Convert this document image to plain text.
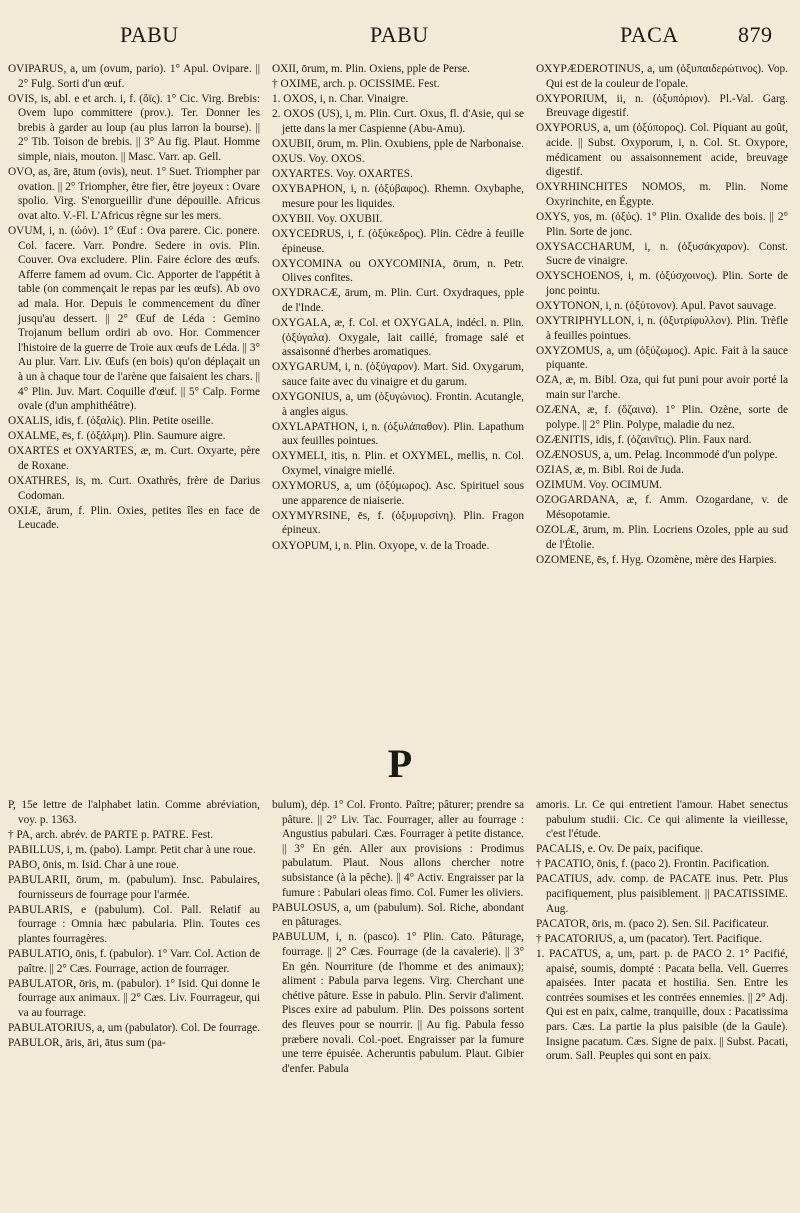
PABU	PABU	PACA	879

OVIPARUS, a, um (ovum, pario). 1° Apul. Ovipare. || 2° Fulg. Sorti d'un œuf.

OVIS, is, abl. e et arch. i, f. (ὄϊς). 1° Cic. Virg. Brebis: Ovem lupo committere (prov.). Ter. Donner les brebis à garder au loup (au plus larron la bourse). || 2° Tib. Toison de brebis. || 3° Au fig. Plaut. Homme simple, niais, mouton. || Masc. Varr. ap. Gell.

OVO, as, āre, ātum (ovis), neut. 1° Suet. Triompher par ovation. || 2° Triompher, être fier, être joyeux : Ovare spolio. Virg. S'enorgueillir d'une dépouille. Africus ovat alto. V.-Fl. L'Africus règne sur les mers.

OVUM, i, n. (ὠόν). 1° Œuf : Ova parere. Cic. ponere. Col. facere. Varr. Pondre. Sedere in ovis. Plin. Couver. Ova excludere. Plin. Faire éclore des œufs. Afferre famem ad ovum. Cic. Apporter de l'appétit à table (on commençait le repas par les œufs). Ab ovo ad mala. Hor. Depuis le commencement du dîner jusqu'au dessert. || 2° Œuf de Léda : Gemino Trojanum bellum ordiri ab ovo. Hor. Commencer l'histoire de la guerre de Troie aux œufs de Léda. || 3° Au plur. Varr. Liv. Œufs (en bois) qu'on déplaçait un à un à chaque tour de l'arène que faisaient les chars. || 4° Plin. Juv. Mart. Coquille d'œuf. || 5° Calp. Forme ovale (d'un amphithéâtre).

OXALIS, idis, f. (ὀξαλίς). Plin. Petite oseille.

OXALME, ēs, f. (ὀξάλμη). Plin. Saumure aigre.

OXARTES et OXYARTES, æ, m. Curt. Oxyarte, père de Roxane.

OXATHRES, is, m. Curt. Oxathrès, frère de Darius Codoman.

OXIÆ, ārum, f. Plin. Oxies, petites îles en face de Leucade.

OXII, ōrum, m. Plin. Oxiens, pple de Perse.

† OXIME, arch. p. OCISSIME. Fest.

1. OXOS, i, n. Char. Vinaigre.

2. OXOS (US), i, m. Plin. Curt. Oxus, fl. d'Asie, qui se jette dans la mer Caspienne (Abu-Amu).

OXUBII, ōrum, m. Plin. Oxubiens, pple de Narbonaise.

OXUS. Voy. OXOS.

OXYARTES. Voy. OXARTES.

OXYBAPHON, i, n. (ὀξύβαφος). Rhemn. Oxybaphe, mesure pour les liquides.

OXYBII. Voy. OXUBII.

OXYCEDRUS, i, f. (ὀξύκεδρος). Plin. Cèdre à feuille épineuse.

OXYCOMINA ou OXYCOMINIA, ōrum, n. Petr. Olives confites.

OXYDRACÆ, ārum, m. Plin. Curt. Oxydraques, pple de l'Inde.

OXYGALA, æ, f. Col. et OXYGALA, indécl. n. Plin. (ὀξύγαλα). Oxygale, lait caillé, fromage salé et assaisonné d'herbes aromatiques.

OXYGARUM, i, n. (ὀξύγαρον). Mart. Sid. Oxygarum, sauce faite avec du vinaigre et du garum.

OXYGONIUS, a, um (ὀξυγώνιος). Frontin. Acutangle, à angles aigus.

OXYLAPATHON, i, n. (ὀξυλάπαθον). Plin. Lapathum aux feuilles pointues.

OXYMELI, itis, n. Plin. et OXYMEL, mellis, n. Col. Oxymel, vinaigre miellé.

OXYMORUS, a, um (ὀξύμωρος). Asc. Spirituel sous une apparence de niaiserie.

OXYMYRSINE, ēs, f. (ὀξυμυρσίνη). Plin. Fragon épineux.

OXYOPUM, i, n. Plin. Oxyope, v. de la Troade.

OXYPÆDEROTINUS, a, um (ὀξυπαιδερώτινος). Vop. Qui est de la couleur de l'opale.

OXYPORIUM, ii, n. (ὀξυπόριον). Pl.-Val. Garg. Breuvage digestif.

OXYPORUS, a, um (ὀξύπορος). Col. Piquant au goût, acide. || Subst. Oxyporum, i, n. Col. St. Oxypore, médicament ou assaisonnement acide, breuvage digestif.

OXYRHINCHITES NOMOS, m. Plin. Nome Oxyrinchite, en Égypte.

OXYS, yos, m. (ὀξύς). 1° Plin. Oxalide des bois. || 2° Plin. Sorte de jonc.

OXYSACCHARUM, i, n. (ὀξυσάκχαρον). Const. Sucre de vinaigre.

OXYSCHOENOS, i, m. (ὀξύσχοινος). Plin. Sorte de jonc pointu.

OXYTONON, i, n. (ὀξύτονον). Apul. Pavot sauvage.

OXYTRIPHYLLON, i, n. (ὀξυτρίφυλλον). Plin. Trèfle à feuilles pointues.

OXYZOMUS, a, um (ὀξύζωμος). Apic. Fait à la sauce piquante.

OZA, æ, m. Bibl. Oza, qui fut puni pour avoir porté la main sur l'arche.

OZÆNA, æ, f. (ὄζαινα). 1° Plin. Ozène, sorte de polype. || 2° Plin. Polype, maladie du nez.

OZÆNITIS, idis, f. (ὀζαινῖτις). Plin. Faux nard.

OZÆNOSUS, a, um. Pelag. Incommodé d'un polype.

OZIAS, æ, m. Bibl. Roi de Juda.

OZIMUM. Voy. OCIMUM.

OZOGARDANA, æ, f. Amm. Ozogardane, v. de Mésopotamie.

OZOLÆ, ārum, m. Plin. Locriens Ozoles, pple au sud de l'Étolie.

OZOMENE, ēs, f. Hyg. Ozomène, mère des Harpies.

P

P, 15e lettre de l'alphabet latin. Comme abréviation, voy. p. 1363.

† PA, arch. abrév. de PARTE p. PATRE. Fest.

PABILLUS, i, m. (pabo). Lampr. Petit char à une roue.

PABO, ōnis, m. Isid. Char à une roue.

PABULARII, ōrum, m. (pabulum). Insc. Pabulaires, fournisseurs de fourrage pour l'armée.

PABULARIS, e (pabulum). Col. Pall. Relatif au fourrage : Omnia hæc pabularia. Plin. Toutes ces plantes fourragères.

PABULATIO, ōnis, f. (pabulor). 1° Varr. Col. Action de paître. || 2° Cæs. Fourrage, action de fourrager.

PABULATOR, ōris, m. (pabulor). 1° Isid. Qui donne le fourrage aux animaux. || 2° Cæs. Liv. Fourrageur, qui va au fourrage.

PABULATORIUS, a, um (pabulator). Col. De fourrage.

PABULOR, āris, āri, ātus sum (pa-

bulum), dép. 1° Col. Fronto. Paître; pâturer; prendre sa pâture. || 2° Liv. Tac. Fourrager, aller au fourrage : Angustius pabulari. Cæs. Fourrager à petite distance. || 3° En gén. Aller aux provisions : Prodimus pabulatum. Plaut. Nous allons chercher notre subsistance (à la pêche). || 4° Activ. Engraisser par la fumure : Pabulari oleas fimo. Col. Fumer les oliviers.

PABULOSUS, a, um (pabulum). Sol. Riche, abondant en pâturages.

PABULUM, i, n. (pasco). 1° Plin. Cato. Pâturage, fourrage. || 2° Cæs. Fourrage (de la cavalerie). || 3° En gén. Nourriture (de l'homme et des animaux); aliment : Pabula parva legens. Virg. Cherchant une chétive pâture. Esse in pabulo. Plin. Servir d'aliment. Pisces exire ad pabulum. Plin. Des poissons sortent des fleuves pour se nourrir. || Au fig. Pabula fesso præbere novali. Col.-poet. Engraisser par la fumure une terre épuisée. Acheruntis pabulum. Plaut. Gibier d'enfer. Pabula

amoris. Lr. Ce qui entretient l'amour. Habet senectus pabulum studii. Cic. Ce qui alimente la vieillesse, c'est l'étude.

PACALIS, e. Ov. De paix, pacifique.

† PACATIO, ōnis, f. (paco 2). Frontin. Pacification.

PACATIUS, adv. comp. de PACATE inus. Petr. Plus pacifiquement, plus paisiblement. || PACATISSIME. Aug.

PACATOR, ōris, m. (paco 2). Sen. Sil. Pacificateur.

† PACATORIUS, a, um (pacator). Tert. Pacifique.

1. PACATUS, a, um, part. p. de PACO 2. 1° Pacifié, apaisé, soumis, dompté : Pacata bella. Vell. Guerres apaisées. Inter pacata et hostilia. Sen. Entre les contrées soumises et les contrées ennemies. || 2° Adj. Qui est en paix, calme, tranquille, doux : Pacatissima pars. Cæs. La partie la plus paisible (de la Gaule). Insigne pacatum. Cæs. Signe de paix. || Subst. Pacati, orum. Sall. Peuples qui sont en paix.
